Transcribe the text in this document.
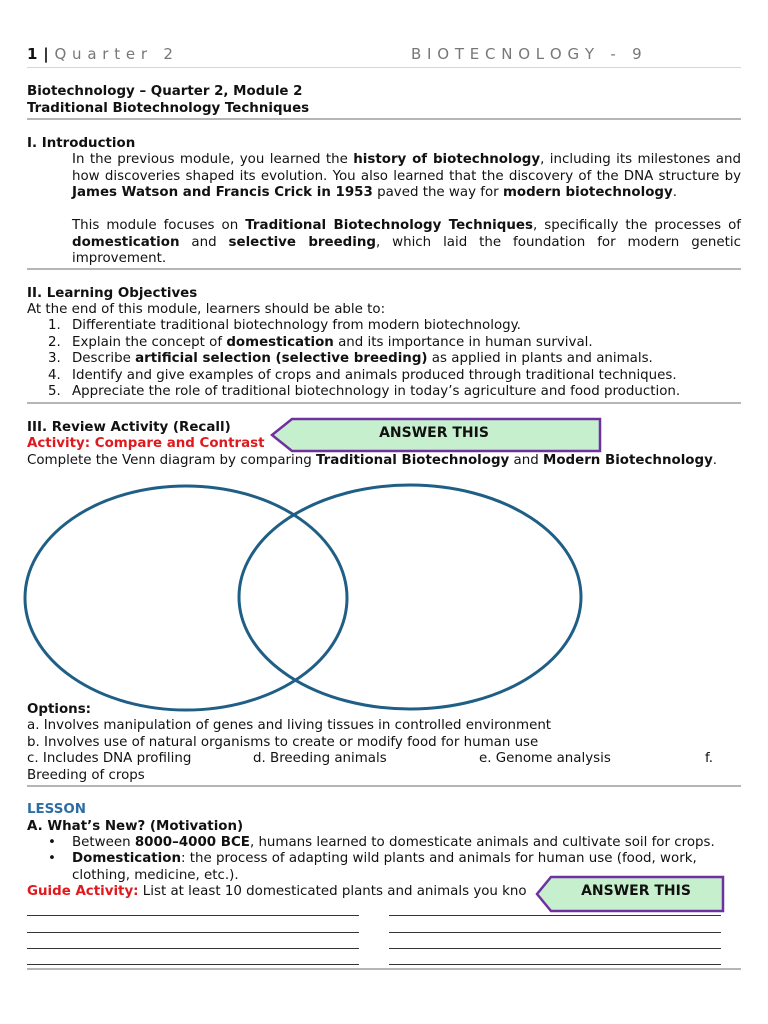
1 | Q u a r t e r   2	B I O T E C N O L O G Y   -   9
Biotechnology – Quarter 2, Module 2
Traditional Biotechnology Techniques
I. Introduction
In the previous module, you learned the history of biotechnology, including its milestones and how discoveries shaped its evolution. You also learned that the discovery of the DNA structure by James Watson and Francis Crick in 1953 paved the way for modern biotechnology.
This module focuses on Traditional Biotechnology Techniques, specifically the processes of domestication and selective breeding, which laid the foundation for modern genetic improvement.
II. Learning Objectives
At the end of this module, learners should be able to:
1. Differentiate traditional biotechnology from modern biotechnology.
2. Explain the concept of domestication and its importance in human survival.
3. Describe artificial selection (selective breeding) as applied in plants and animals.
4. Identify and give examples of crops and animals produced through traditional techniques.
5. Appreciate the role of traditional biotechnology in today’s agriculture and food production.
III. Review Activity (Recall)
Activity: Compare and Contrast
ANSWER THIS
Complete the Venn diagram by comparing Traditional Biotechnology and Modern Biotechnology.
Options:
a. Involves manipulation of genes and living tissues in controlled environment
b. Involves use of natural organisms to create or modify food for human use
c. Includes DNA profiling	d. Breeding animals	e. Genome analysis	f.
Breeding of crops
LESSON
A. What’s New? (Motivation)
• Between 8000–4000 BCE, humans learned to domesticate animals and cultivate soil for crops.
• Domestication: the process of adapting wild plants and animals for human use (food, work, clothing, medicine, etc.).
Guide Activity: List at least 10 domesticated plants and animals you kno	ANSWER THIS
